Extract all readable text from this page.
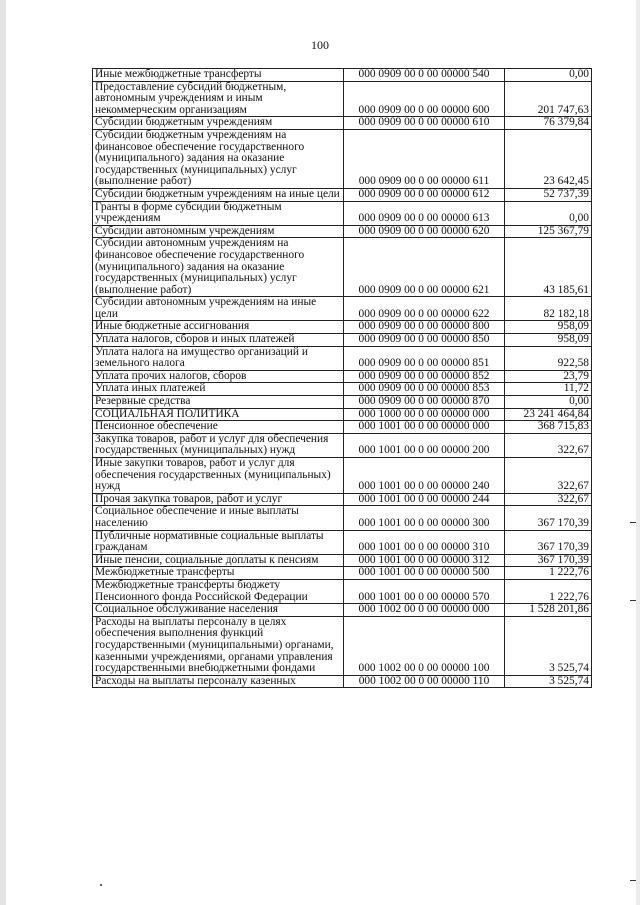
100
Иные межбюджетные трансферты	000 0909 00 0 00 00000 540	0,00
Предоставление субсидий бюджетным, автономным учреждениям и иным некоммерческим организациям	000 0909 00 0 00 00000 600	201 747,63
Субсидии бюджетным учреждениям	000 0909 00 0 00 00000 610	76 379,84
Субсидии бюджетным учреждениям на финансовое обеспечение государственного (муниципального) задания на оказание государственных (муниципальных) услуг (выполнение работ)	000 0909 00 0 00 00000 611	23 642,45
Субсидии бюджетным учреждениям на иные цели	000 0909 00 0 00 00000 612	52 737,39
Гранты в форме субсидии бюджетным учреждениям	000 0909 00 0 00 00000 613	0,00
Субсидии автономным учреждениям	000 0909 00 0 00 00000 620	125 367,79
Субсидии автономным учреждениям на финансовое обеспечение государственного (муниципального) задания на оказание государственных (муниципальных) услуг (выполнение работ)	000 0909 00 0 00 00000 621	43 185,61
Субсидии автономным учреждениям на иные цели	000 0909 00 0 00 00000 622	82 182,18
Иные бюджетные ассигнования	000 0909 00 0 00 00000 800	958,09
Уплата налогов, сборов и иных платежей	000 0909 00 0 00 00000 850	958,09
Уплата налога на имущество организаций и земельного налога	000 0909 00 0 00 00000 851	922,58
Уплата прочих налогов, сборов	000 0909 00 0 00 00000 852	23,79
Уплата иных платежей	000 0909 00 0 00 00000 853	11,72
Резервные средства	000 0909 00 0 00 00000 870	0,00
СОЦИАЛЬНАЯ ПОЛИТИКА	000 1000 00 0 00 00000 000	23 241 464,84
Пенсионное обеспечение	000 1001 00 0 00 00000 000	368 715,83
Закупка товаров, работ и услуг для обеспечения государственных (муниципальных) нужд	000 1001 00 0 00 00000 200	322,67
Иные закупки товаров, работ и услуг для обеспечения государственных (муниципальных) нужд	000 1001 00 0 00 00000 240	322,67
Прочая закупка товаров, работ и услуг	000 1001 00 0 00 00000 244	322,67
Социальное обеспечение и иные выплаты населению	000 1001 00 0 00 00000 300	367 170,39
Публичные нормативные социальные выплаты гражданам	000 1001 00 0 00 00000 310	367 170,39
Иные пенсии, социальные доплаты к пенсиям	000 1001 00 0 00 00000 312	367 170,39
Межбюджетные трансферты	000 1001 00 0 00 00000 500	1 222,76
Межбюджетные трансферты бюджету Пенсионного фонда Российской Федерации	000 1001 00 0 00 00000 570	1 222,76
Социальное обслуживание населения	000 1002 00 0 00 00000 000	1 528 201,86
Расходы на выплаты персоналу в целях обеспечения выполнения функций государственными (муниципальными) органами, казенными учреждениями, органами управления государственными внебюджетными фондами	000 1002 00 0 00 00000 100	3 525,74
Расходы на выплаты персоналу казенных	000 1002 00 0 00 00000 110	3 525,74
